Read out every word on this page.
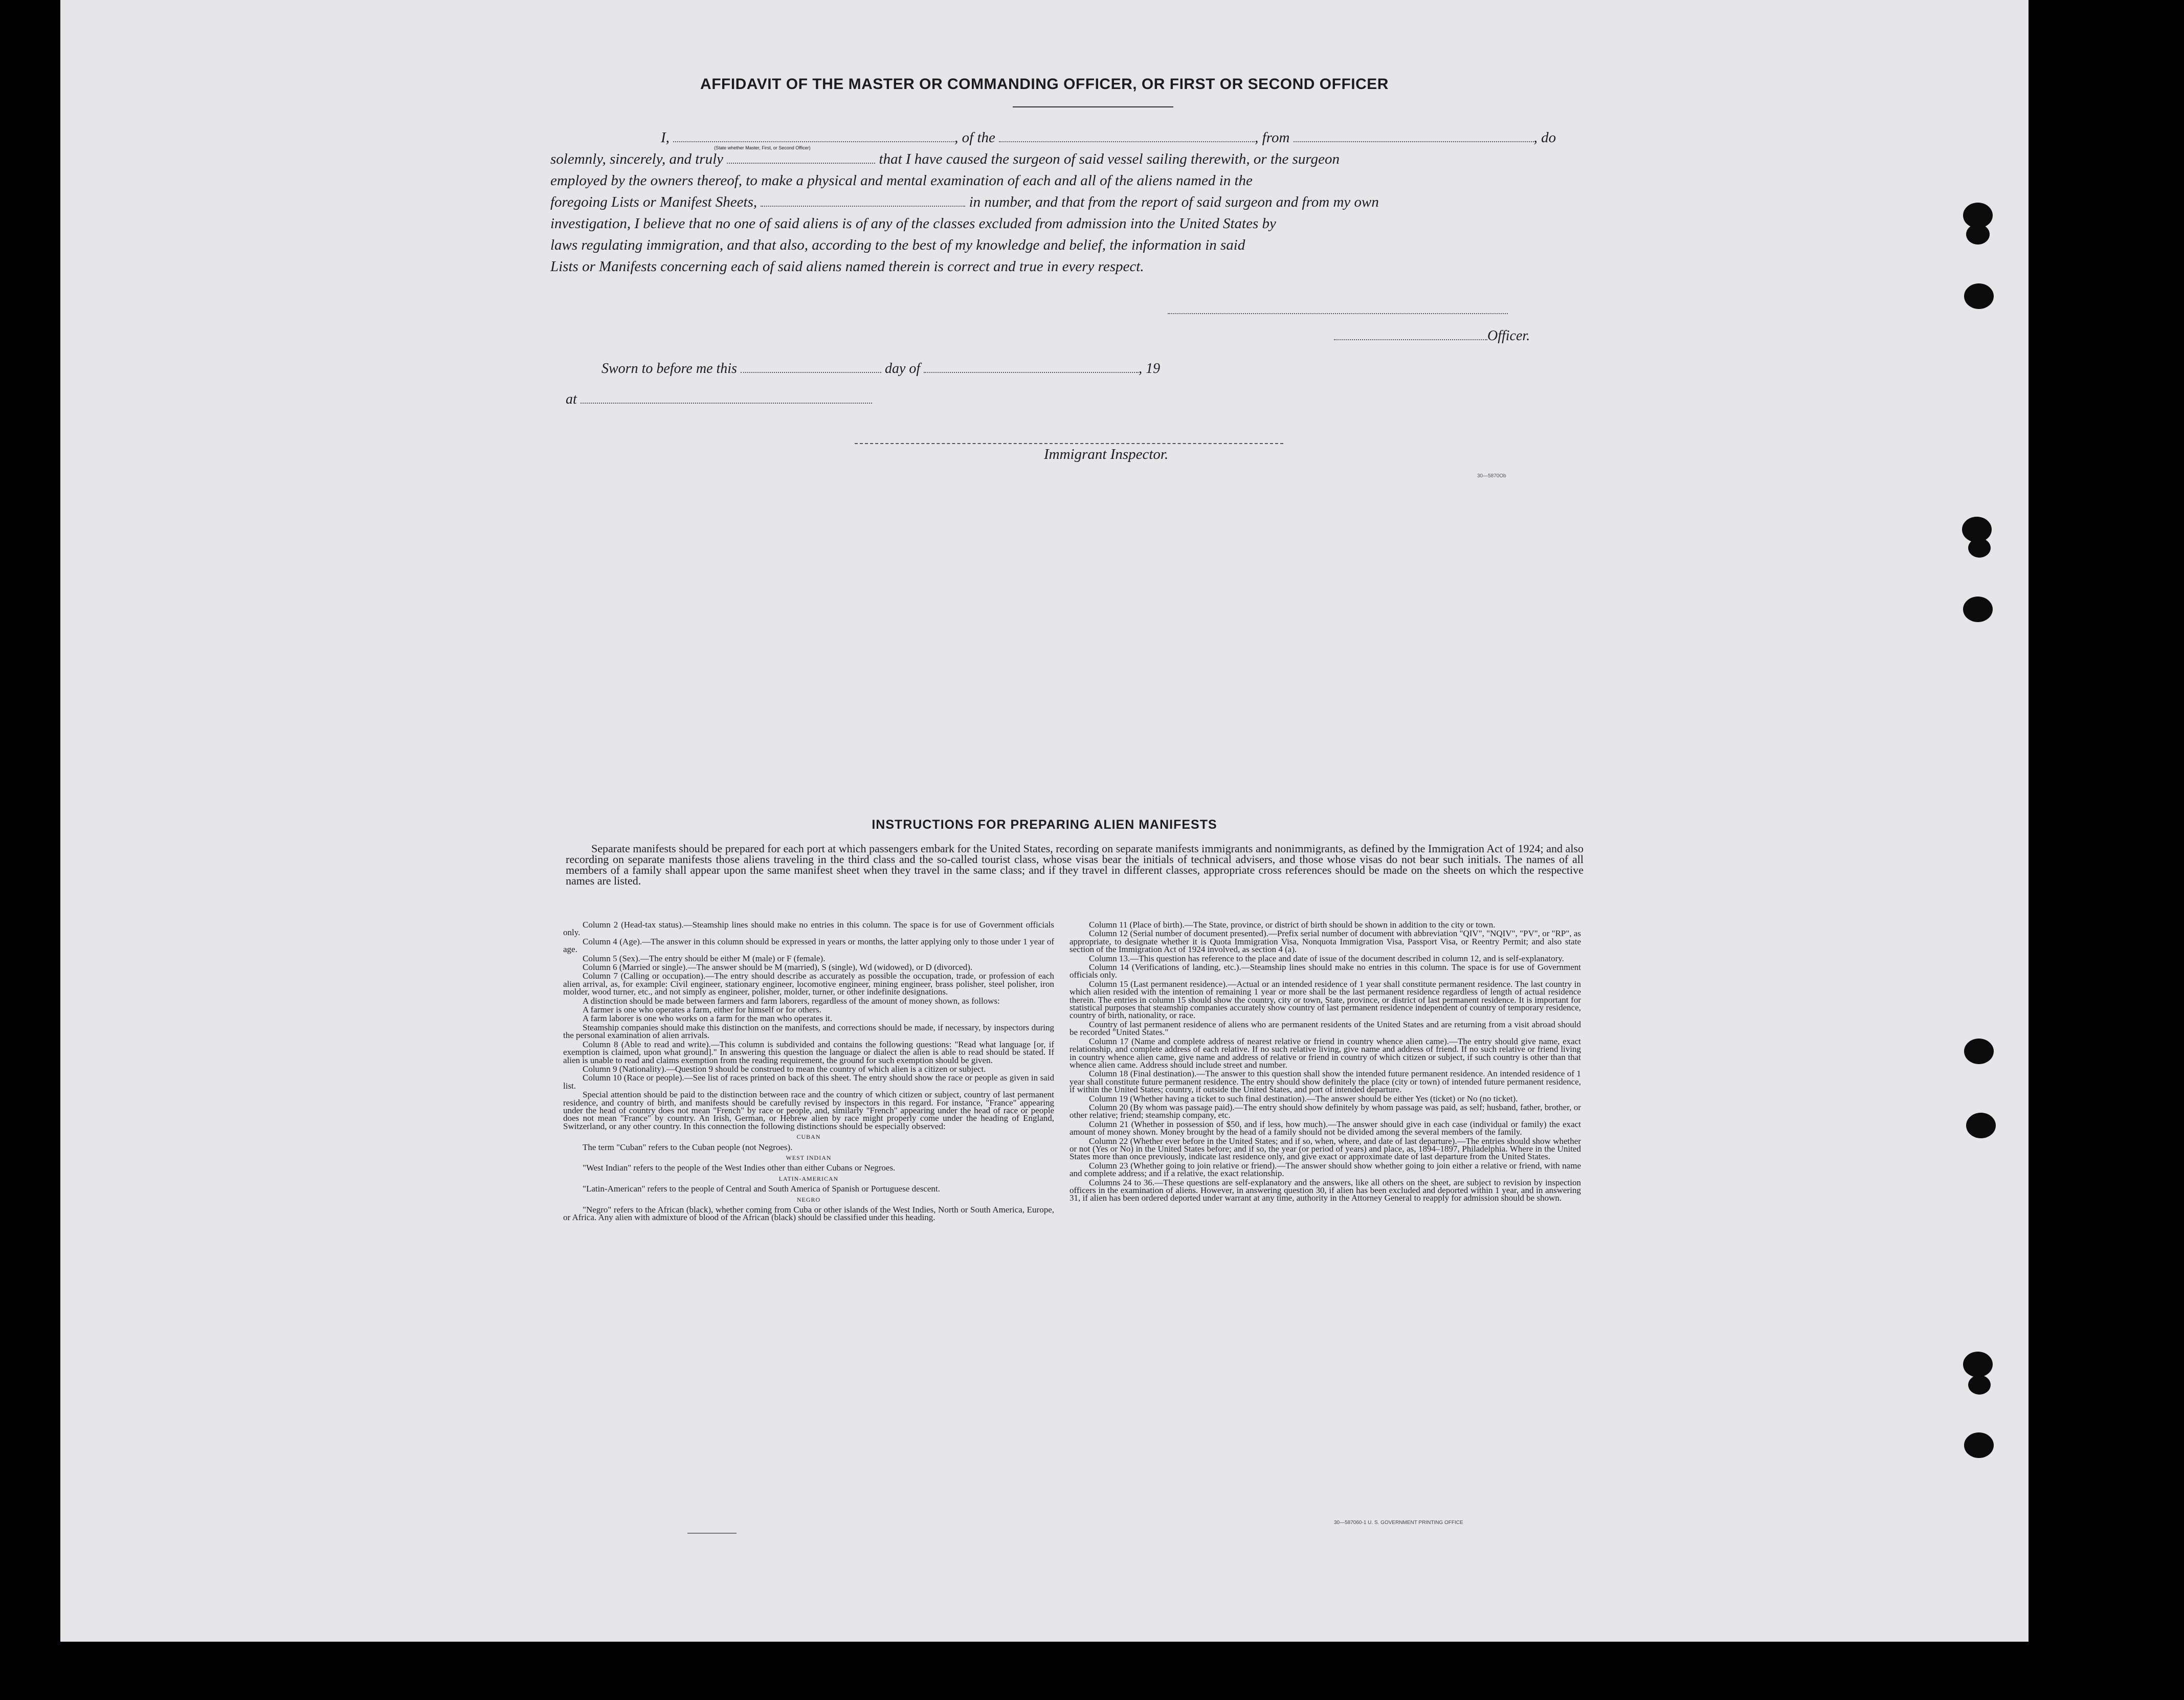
AFFIDAVIT OF THE MASTER OR COMMANDING OFFICER, OR FIRST OR SECOND OFFICER
I,
(State whether Master, First, or Second Officer)
, of the	, from	, do
solemnly, sincerely, and truly	that I have caused the surgeon of said vessel sailing therewith, or the surgeon
employed by the owners thereof, to make a physical and mental examination of each and all of the aliens named in the
foregoing Lists or Manifest Sheets,	in number, and that from the report of said surgeon and from my own
investigation, I believe that no one of said aliens is of any of the classes excluded from admission into the United States by
laws regulating immigration, and that also, according to the best of my knowledge and belief, the information in said
Lists or Manifests concerning each of said aliens named therein is correct and true in every respect.
Officer.
Sworn to before me this	day of	, 19
at
Immigrant Inspector.
30—5870Ob
INSTRUCTIONS FOR PREPARING ALIEN MANIFESTS

Separate manifests should be prepared for each port at which passengers embark for the United States, recording on separate manifests immigrants and nonimmigrants, as defined by the Immigration Act of 1924; and also recording on separate manifests those aliens traveling in the third class and the so-called tourist class, whose visas bear the initials of technical advisers, and those whose visas do not bear such initials. The names of all members of a family shall appear upon the same manifest sheet when they travel in the same class; and if they travel in different classes, appropriate cross references should be made on the sheets on which the respective names are listed.

Column 2 (Head-tax status).—Steamship lines should make no entries in this column. The space is for use of Government officials only.

Column 4 (Age).—The answer in this column should be expressed in years or months, the latter applying only to those under 1 year of age.

Column 5 (Sex).—The entry should be either M (male) or F (female).

Column 6 (Married or single).—The answer should be M (married), S (single), Wd (widowed), or D (divorced).

Column 7 (Calling or occupation).—The entry should describe as accurately as possible the occupation, trade, or profession of each alien arrival, as, for example: Civil engineer, stationary engineer, locomotive engineer, mining engineer, brass polisher, steel polisher, iron molder, wood turner, etc., and not simply as engineer, polisher, molder, turner, or other indefinite designations.

A distinction should be made between farmers and farm laborers, regardless of the amount of money shown, as follows:

A farmer is one who operates a farm, either for himself or for others.

A farm laborer is one who works on a farm for the man who operates it.

Steamship companies should make this distinction on the manifests, and corrections should be made, if necessary, by inspectors during the personal examination of alien arrivals.

Column 8 (Able to read and write).—This column is subdivided and contains the following questions: "Read what language [or, if exemption is claimed, upon what ground]." In answering this question the language or dialect the alien is able to read should be stated. If alien is unable to read and claims exemption from the reading requirement, the ground for such exemption should be given.

Column 9 (Nationality).—Question 9 should be construed to mean the country of which alien is a citizen or subject.

Column 10 (Race or people).—See list of races printed on back of this sheet. The entry should show the race or people as given in said list.

Special attention should be paid to the distinction between race and the country of which citizen or subject, country of last permanent residence, and country of birth, and manifests should be carefully revised by inspectors in this regard. For instance, "France" appearing under the head of country does not mean "French" by race or people, and, similarly "French" appearing under the head of race or people does not mean "France" by country. An Irish, German, or Hebrew alien by race might properly come under the heading of England, Switzerland, or any other country. In this connection the following distinctions should be especially observed:

CUBAN

The term "Cuban" refers to the Cuban people (not Negroes).

WEST INDIAN

"West Indian" refers to the people of the West Indies other than either Cubans or Negroes.

LATIN-AMERICAN

"Latin-American" refers to the people of Central and South America of Spanish or Portuguese descent.

NEGRO

"Negro" refers to the African (black), whether coming from Cuba or other islands of the West Indies, North or South America, Europe, or Africa. Any alien with admixture of blood of the African (black) should be classified under this heading.

Column 11 (Place of birth).—The State, province, or district of birth should be shown in addition to the city or town.

Column 12 (Serial number of document presented).—Prefix serial number of document with abbreviation "QIV", "NQIV", "PV", or "RP", as appropriate, to designate whether it is Quota Immigration Visa, Nonquota Immigration Visa, Passport Visa, or Reentry Permit; and also state section of the Immigration Act of 1924 involved, as section 4 (a).

Column 13.—This question has reference to the place and date of issue of the document described in column 12, and is self-explanatory.

Column 14 (Verifications of landing, etc.).—Steamship lines should make no entries in this column. The space is for use of Government officials only.

Column 15 (Last permanent residence).—Actual or an intended residence of 1 year shall constitute permanent residence. The last country in which alien resided with the intention of remaining 1 year or more shall be the last permanent residence regardless of length of actual residence therein. The entries in column 15 should show the country, city or town, State, province, or district of last permanent residence. It is important for statistical purposes that steamship companies accurately show country of last permanent residence independent of country of temporary residence, country of birth, nationality, or race.

Country of last permanent residence of aliens who are permanent residents of the United States and are returning from a visit abroad should be recorded "United States."

Column 17 (Name and complete address of nearest relative or friend in country whence alien came).—The entry should give name, exact relationship, and complete address of each relative. If no such relative living, give name and address of friend. If no such relative or friend living in country whence alien came, give name and address of relative or friend in country of which citizen or subject, if such country is other than that whence alien came. Address should include street and number.

Column 18 (Final destination).—The answer to this question shall show the intended future permanent residence. An intended residence of 1 year shall constitute future permanent residence. The entry should show definitely the place (city or town) of intended future permanent residence, if within the United States; country, if outside the United States, and port of intended departure.

Column 19 (Whether having a ticket to such final destination).—The answer should be either Yes (ticket) or No (no ticket).

Column 20 (By whom was passage paid).—The entry should show definitely by whom passage was paid, as self; husband, father, brother, or other relative; friend; steamship company, etc.

Column 21 (Whether in possession of $50, and if less, how much).—The answer should give in each case (individual or family) the exact amount of money shown. Money brought by the head of a family should not be divided among the several members of the family.

Column 22 (Whether ever before in the United States; and if so, when, where, and date of last departure).—The entries should show whether or not (Yes or No) in the United States before; and if so, the year (or period of years) and place, as, 1894–1897, Philadelphia. Where in the United States more than once previously, indicate last residence only, and give exact or approximate date of last departure from the United States.

Column 23 (Whether going to join relative or friend).—The answer should show whether going to join either a relative or friend, with name and complete address; and if a relative, the exact relationship.

Columns 24 to 36.—These questions are self-explanatory and the answers, like all others on the sheet, are subject to revision by inspection officers in the examination of aliens. However, in answering question 30, if alien has been excluded and deported within 1 year, and in answering 31, if alien has been ordered deported under warrant at any time, authority in the Attorney General to reapply for admission should be shown.

30—587060-1 U. S. GOVERNMENT PRINTING OFFICE
